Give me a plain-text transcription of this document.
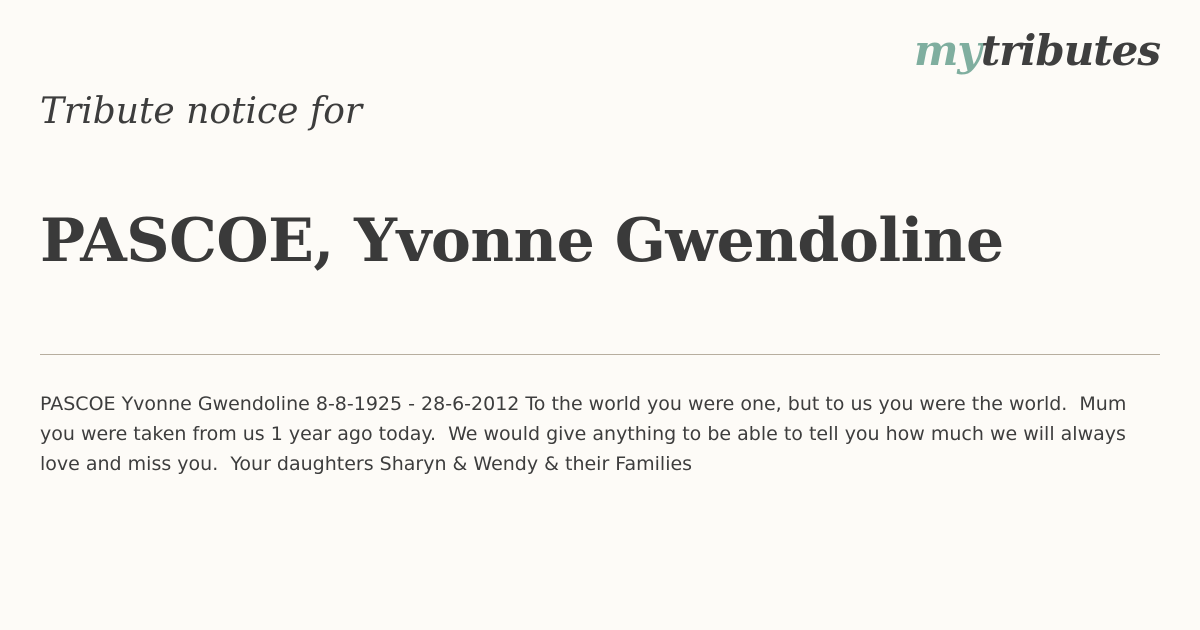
mytributes
Tribute notice for
PASCOE, Yvonne Gwendoline

PASCOE Yvonne Gwendoline 8-8-1925 - 28-6-2012 To the world you were one, but to us you were the world.  Mum you were taken from us 1 year ago today.  We would give anything to be able to tell you how much we will always love and miss you.  Your daughters Sharyn & Wendy & their Families
